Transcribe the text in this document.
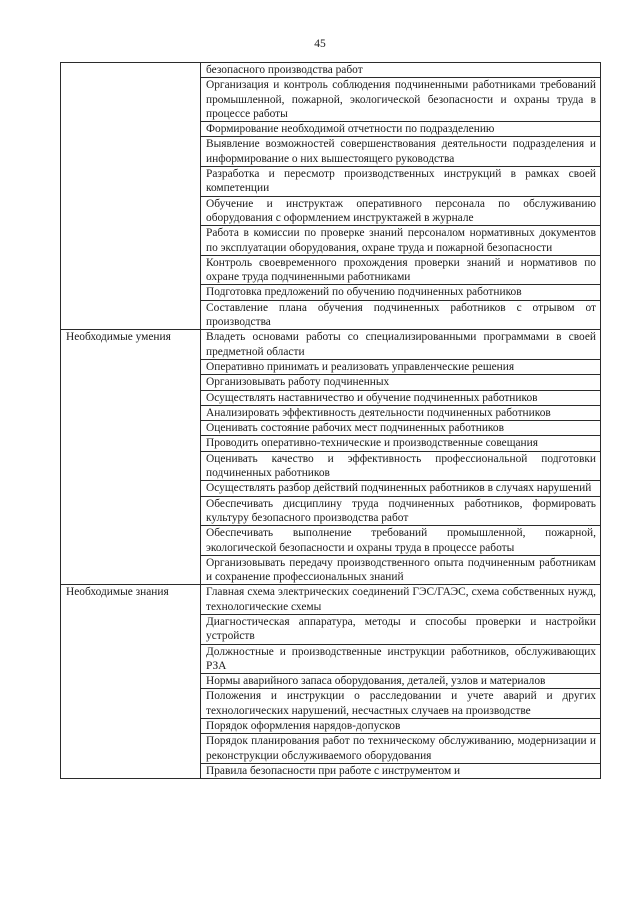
45
	безопасного производства работ
	Организация и контроль соблюдения подчиненными работниками требований промышленной, пожарной, экологической безопасности и охраны труда в процессе работы
	Формирование необходимой отчетности по подразделению
	Выявление возможностей совершенствования деятельности подразделения и информирование о них вышестоящего руководства
	Разработка и пересмотр производственных инструкций в рамках своей компетенции
	Обучение и инструктаж оперативного персонала по обслуживанию оборудования с оформлением инструктажей в журнале
	Работа в комиссии по проверке знаний персоналом нормативных документов по эксплуатации оборудования, охране труда и пожарной безопасности
	Контроль своевременного прохождения проверки знаний и нормативов по охране труда подчиненными работниками
	Подготовка предложений по обучению подчиненных работников
	Составление плана обучения подчиненных работников с отрывом от производства
Необходимые умения	Владеть основами работы со специализированными программами в своей предметной области
	Оперативно принимать и реализовать управленческие решения
	Организовывать работу подчиненных
	Осуществлять наставничество и обучение подчиненных работников
	Анализировать эффективность деятельности подчиненных работников
	Оценивать состояние рабочих мест подчиненных работников
	Проводить оперативно-технические и производственные совещания
	Оценивать качество и эффективность профессиональной подготовки подчиненных работников
	Осуществлять разбор действий подчиненных работников в случаях нарушений
	Обеспечивать дисциплину труда подчиненных работников, формировать культуру безопасного производства работ
	Обеспечивать выполнение требований промышленной, пожарной, экологической безопасности и охраны труда в процессе работы
	Организовывать передачу производственного опыта подчиненным работникам и сохранение профессиональных знаний
Необходимые знания	Главная схема электрических соединений ГЭС/ГАЭС, схема собственных нужд, технологические схемы
	Диагностическая аппаратура, методы и способы проверки и настройки устройств
	Должностные и производственные инструкции работников, обслуживающих РЗА
	Нормы аварийного запаса оборудования, деталей, узлов и материалов
	Положения и инструкции о расследовании и учете аварий и других технологических нарушений, несчастных случаев на производстве
	Порядок оформления нарядов-допусков
	Порядок планирования работ по техническому обслуживанию, модернизации и реконструкции обслуживаемого оборудования
	Правила безопасности при работе с инструментом и
